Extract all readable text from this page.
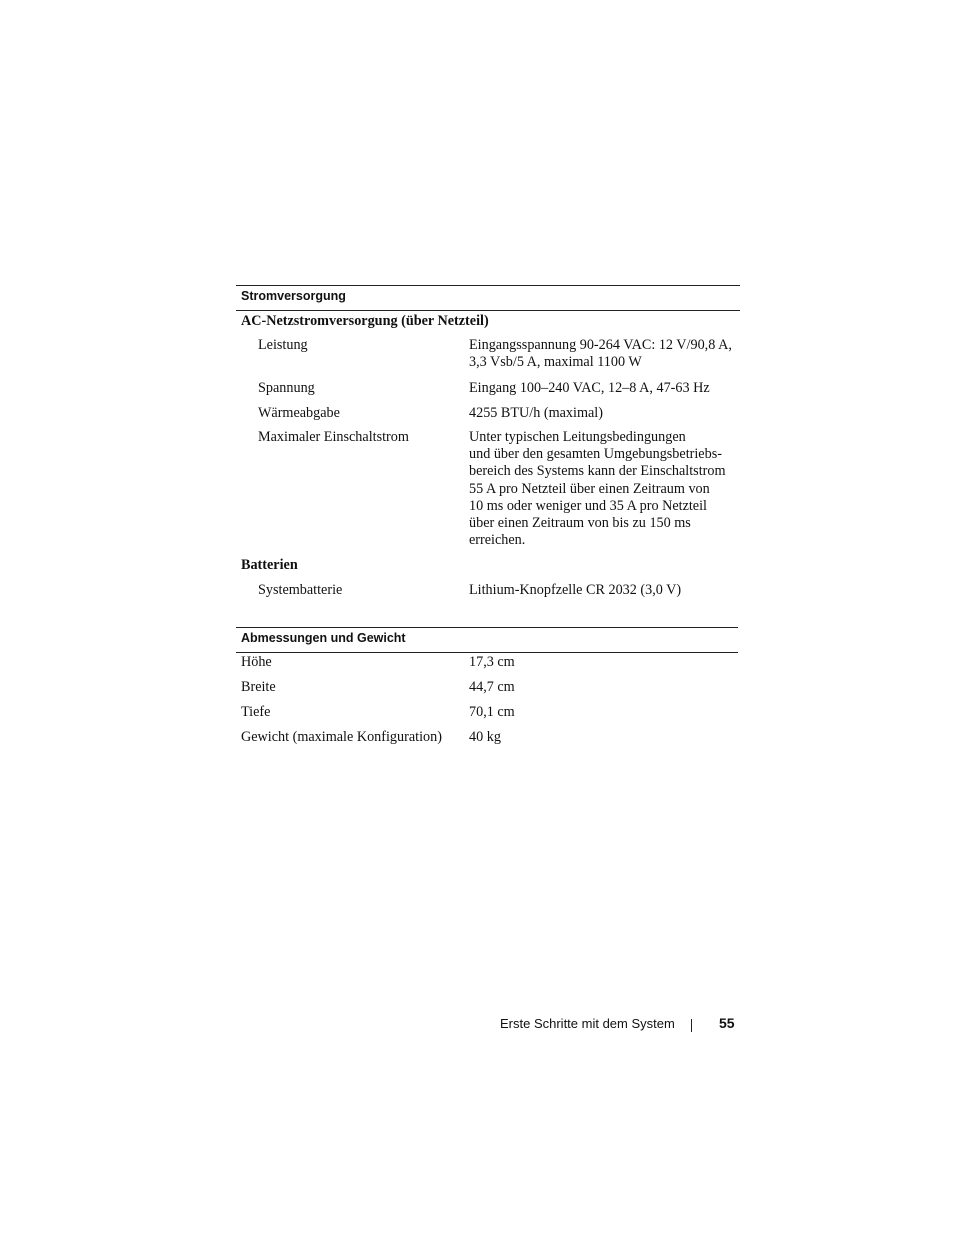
Stromversorgung
AC-Netzstromversorgung (über Netzteil)
Leistung	Eingangsspannung 90-264 VAC: 12 V/90,8 A,
3,3 Vsb/5 A, maximal 1100 W
Spannung	Eingang 100–240 VAC, 12–8 A, 47-63 Hz
Wärmeabgabe	4255 BTU/h (maximal)
Maximaler Einschaltstrom	Unter typischen Leitungsbedingungen
und über den gesamten Umgebungsbetriebs-
bereich des Systems kann der Einschaltstrom
55 A pro Netzteil über einen Zeitraum von
10 ms oder weniger und 35 A pro Netzteil
über einen Zeitraum von bis zu 150 ms
erreichen.
Batterien
Systembatterie	Lithium-Knopfzelle CR 2032 (3,0 V)
Abmessungen und Gewicht
Höhe	17,3 cm
Breite	44,7 cm
Tiefe	70,1 cm
Gewicht (maximale Konfiguration) 40 kg
Erste Schritte mit dem System	55
